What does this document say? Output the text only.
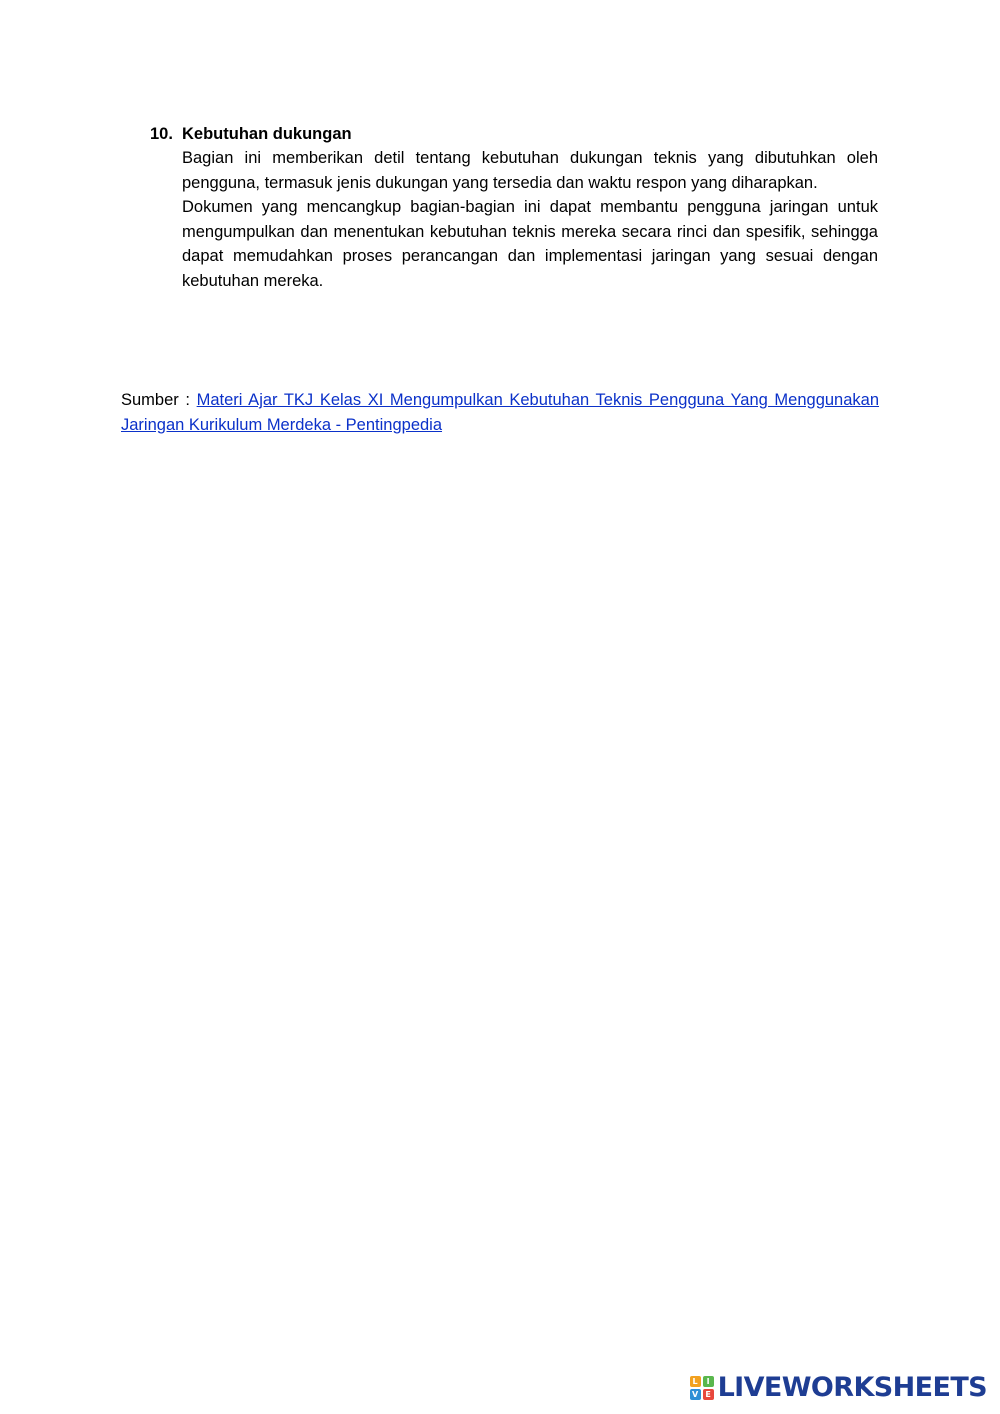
10. Kebutuhan dukungan

Bagian ini memberikan detil tentang kebutuhan dukungan teknis yang dibutuhkan oleh pengguna, termasuk jenis dukungan yang tersedia dan waktu respon yang diharapkan.

Dokumen yang mencangkup bagian-bagian ini dapat membantu pengguna jaringan untuk mengumpulkan dan menentukan kebutuhan teknis mereka secara rinci dan spesifik, sehingga dapat memudahkan proses perancangan dan implementasi jaringan yang sesuai dengan kebutuhan mereka.

Sumber : Materi Ajar TKJ Kelas XI Mengumpulkan Kebutuhan Teknis Pengguna Yang Menggunakan Jaringan Kurikulum Merdeka - Pentingpedia
L	I
V E LIVEWORKSHEETS
